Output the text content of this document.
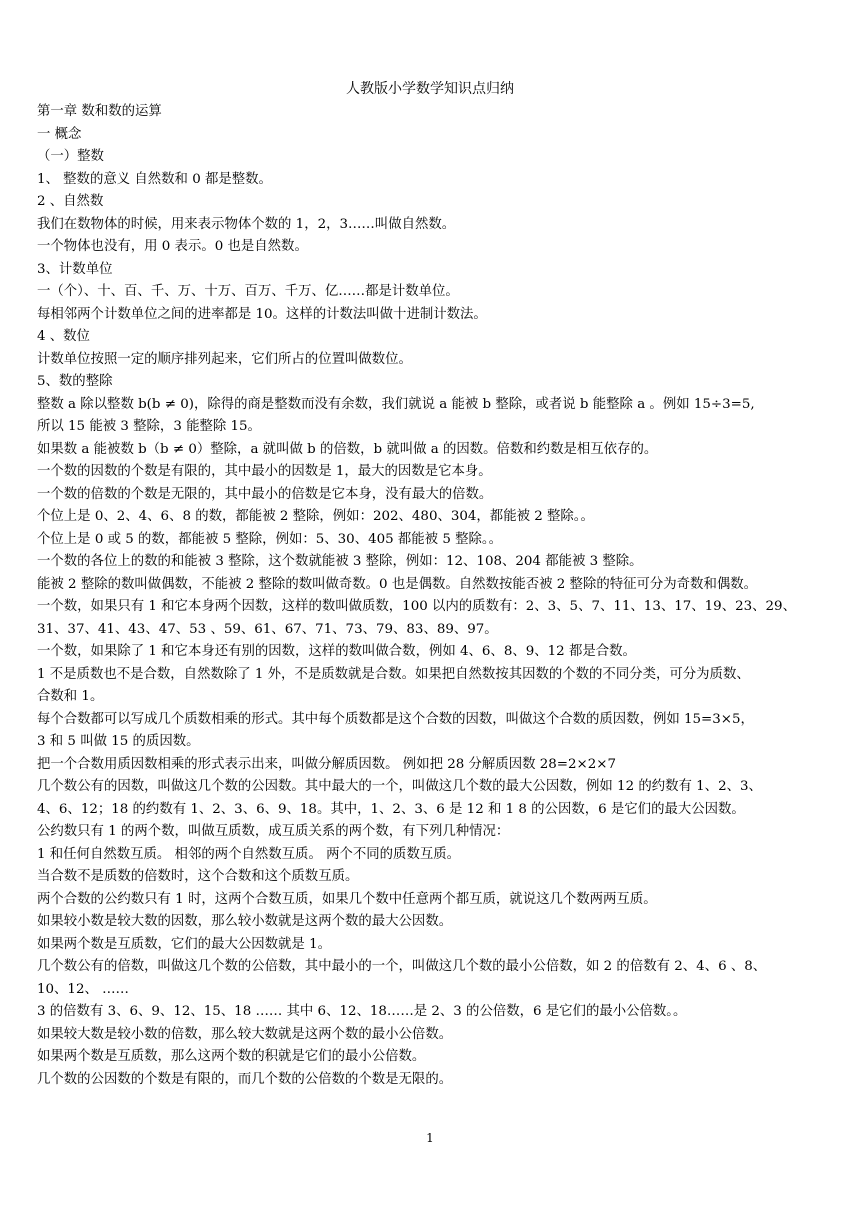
人教版小学数学知识点归纳
第一章 数和数的运算
一 概念
（一）整数
1、 整数的意义 自然数和 0 都是整数。
2 、自然数
我们在数物体的时候，用来表示物体个数的 1，2，3……叫做自然数。
一个物体也没有，用 0 表示。0 也是自然数。
3、计数单位
一（个）、十、百、千、万、十万、百万、千万、亿……都是计数单位。
每相邻两个计数单位之间的进率都是 10。这样的计数法叫做十进制计数法。
4 、数位
计数单位按照一定的顺序排列起来，它们所占的位置叫做数位。
5、数的整除
整数 a 除以整数 b(b ≠ 0)，除得的商是整数而没有余数，我们就说 a 能被 b 整除，或者说 b 能整除 a 。例如 15÷3=5,
所以 15 能被 3 整除，3 能整除 15。
如果数 a 能被数 b（b ≠ 0）整除，a 就叫做 b 的倍数，b 就叫做 a 的因数。倍数和约数是相互依存的。
一个数的因数的个数是有限的，其中最小的因数是 1，最大的因数是它本身。
一个数的倍数的个数是无限的，其中最小的倍数是它本身，没有最大的倍数。
个位上是 0、2、4、6、8 的数，都能被 2 整除，例如：202、480、304，都能被 2 整除。。
个位上是 0 或 5 的数，都能被 5 整除，例如：5、30、405 都能被 5 整除。。
一个数的各位上的数的和能被 3 整除，这个数就能被 3 整除，例如：12、108、204 都能被 3 整除。
能被 2 整除的数叫做偶数，不能被 2 整除的数叫做奇数。0 也是偶数。自然数按能否被 2 整除的特征可分为奇数和偶数。
一个数，如果只有 1 和它本身两个因数，这样的数叫做质数，100 以内的质数有：2、3、5、7、11、13、17、19、23、29、
31、37、41、43、47、53 、59、61、67、71、73、79、83、89、97。
一个数，如果除了 1 和它本身还有别的因数，这样的数叫做合数，例如 4、6、8、9、12 都是合数。
1 不是质数也不是合数，自然数除了 1 外，不是质数就是合数。如果把自然数按其因数的个数的不同分类，可分为质数、
合数和 1。
每个合数都可以写成几个质数相乘的形式。其中每个质数都是这个合数的因数，叫做这个合数的质因数，例如 15=3×5，
3 和 5 叫做 15 的质因数。
把一个合数用质因数相乘的形式表示出来，叫做分解质因数。 例如把 28 分解质因数 28=2×2×7
几个数公有的因数，叫做这几个数的公因数。其中最大的一个，叫做这几个数的最大公因数，例如 12 的约数有 1、2、3、
4、6、12；18 的约数有 1、2、3、6、9、18。其中，1、2、3、6 是 12 和 1 8 的公因数，6 是它们的最大公因数。
公约数只有 1 的两个数，叫做互质数，成互质关系的两个数，有下列几种情况：
1 和任何自然数互质。 相邻的两个自然数互质。 两个不同的质数互质。
当合数不是质数的倍数时，这个合数和这个质数互质。
两个合数的公约数只有 1 时，这两个合数互质，如果几个数中任意两个都互质，就说这几个数两两互质。
如果较小数是较大数的因数，那么较小数就是这两个数的最大公因数。
如果两个数是互质数，它们的最大公因数就是 1。
几个数公有的倍数，叫做这几个数的公倍数，其中最小的一个，叫做这几个数的最小公倍数，如 2 的倍数有 2、4、6 、8、
10、12、 ……
3 的倍数有 3、6、9、12、15、18 …… 其中 6、12、18……是 2、3 的公倍数，6 是它们的最小公倍数。。
如果较大数是较小数的倍数，那么较大数就是这两个数的最小公倍数。
如果两个数是互质数，那么这两个数的积就是它们的最小公倍数。
几个数的公因数的个数是有限的，而几个数的公倍数的个数是无限的。
1
